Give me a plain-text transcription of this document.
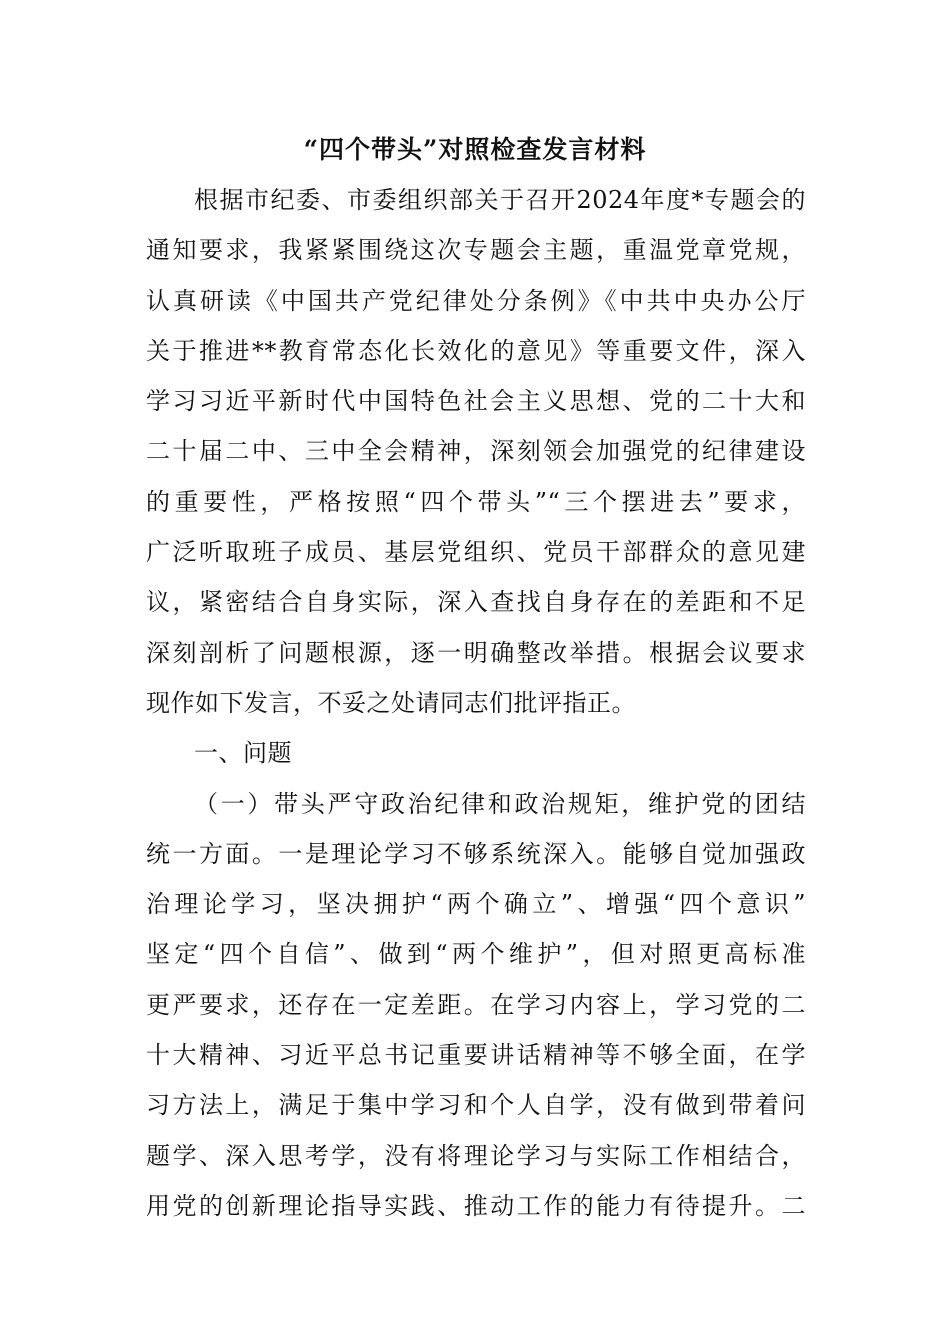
“四个带头”对照检查发言材料
根据市纪委、市委组织部关于召开2024年度*专题会的
通知要求，我紧紧围绕这次专题会主题，重温党章党规，
认真研读《中国共产党纪律处分条例》《中共中央办公厅
关于推进**教育常态化长效化的意见》等重要文件，深入
学习习近平新时代中国特色社会主义思想、党的二十大和
二十届二中、三中全会精神，深刻领会加强党的纪律建设
的重要性，严格按照“四个带头”“三个摆进去”要求，
广泛听取班子成员、基层党组织、党员干部群众的意见建
议，紧密结合自身实际，深入查找自身存在的差距和不足
深刻剖析了问题根源，逐一明确整改举措。根据会议要求
现作如下发言，不妥之处请同志们批评指正。
一、问题
（一）带头严守政治纪律和政治规矩，维护党的团结
统一方面。一是理论学习不够系统深入。能够自觉加强政
治理论学习，坚决拥护“两个确立”、增强“四个意识”
坚定“四个自信”、做到“两个维护”，但对照更高标准
更严要求，还存在一定差距。在学习内容上，学习党的二
十大精神、习近平总书记重要讲话精神等不够全面，在学
习方法上，满足于集中学习和个人自学，没有做到带着问
题学、深入思考学，没有将理论学习与实际工作相结合，
用党的创新理论指导实践、推动工作的能力有待提升。二
